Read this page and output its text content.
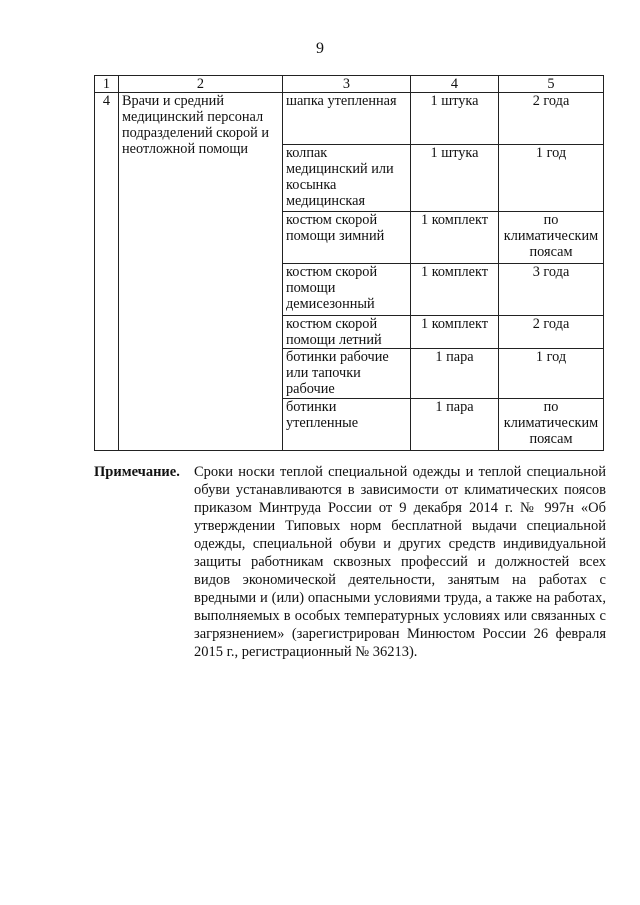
9
1	2	3	4	5
4	Врачи и средний медицинский персонал подразделений скорой и неотложной помощи	шапка утепленная	1 штука	2 года
		колпак медицинский или косынка медицинская	1 штука	1 год
		костюм скорой помощи зимний	1 комплект	по климатическим поясам
		костюм скорой помощи демисезонный	1 комплект	3 года
		костюм скорой помощи летний	1 комплект	2 года
		ботинки рабочие или тапочки рабочие	1 пара	1 год
		ботинки утепленные	1 пара	по климатическим поясам
Примечание. Сроки носки теплой специальной одежды и теплой специальной обуви устанавливаются в зависимости от климатических поясов приказом Минтруда России от 9 декабря 2014 г. № 997н «Об утверждении Типовых норм бесплатной выдачи специальной одежды, специальной обуви и других средств индивидуальной защиты работникам сквозных профессий и должностей всех видов экономической деятельности, занятым на работах с вредными и (или) опасными условиями труда, а также на работах, выполняемых в особых температурных условиях или связанных с загрязнением» (зарегистрирован Минюстом России 26 февраля 2015 г., регистрационный № 36213).
